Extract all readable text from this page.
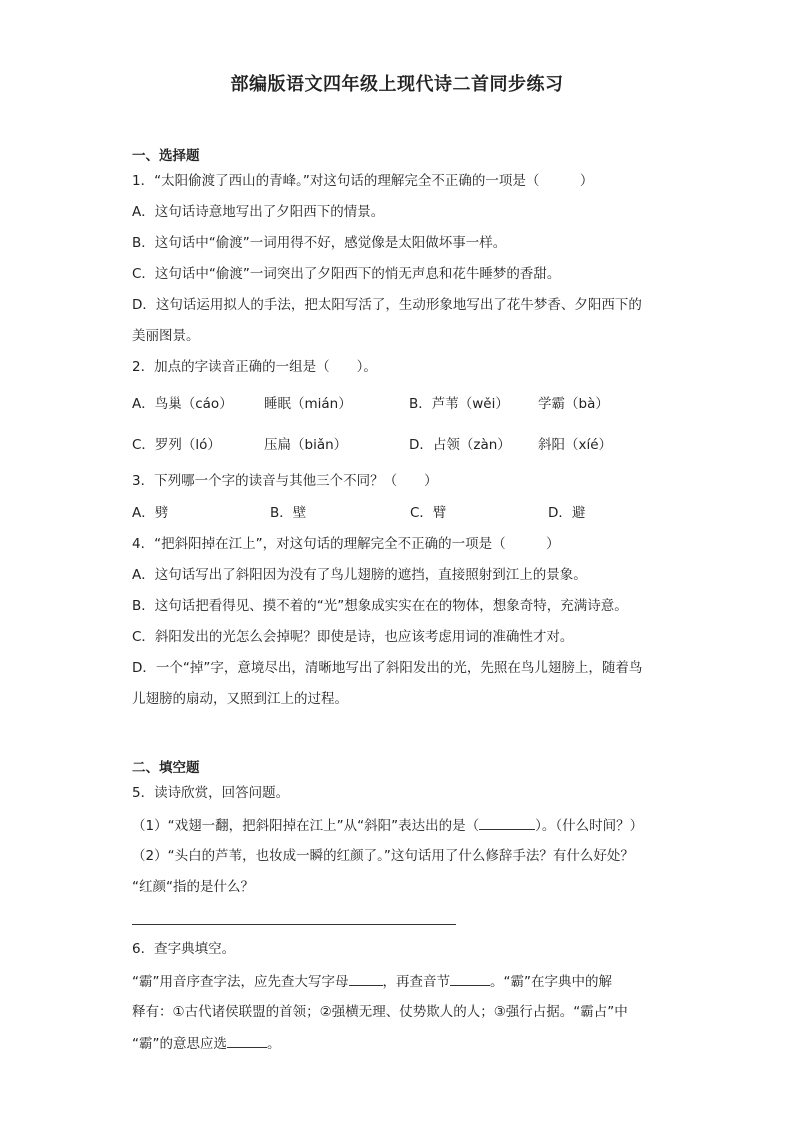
部编版语文四年级上现代诗二首同步练习
一、选择题
1．“太阳偷渡了西山的青峰。”对这句话的理解完全不正确的一项是（　　　）
A．这句话诗意地写出了夕阳西下的情景。
B．这句话中“偷渡”一词用得不好，感觉像是太阳做坏事一样。
C．这句话中“偷渡”一词突出了夕阳西下的悄无声息和花牛睡梦的香甜。
D．这句话运用拟人的手法，把太阳写活了，生动形象地写出了花牛梦香、夕阳西下的
美丽图景。
2．加点的字读音正确的一组是（　　）。
A．鸟巢（cáo） 睡眠（mián）	B．芦苇（wěi） 学霸（bà）
C．罗列（ló）	压扁（biǎn）	D．占领（zàn） 斜阳（xíé）
3．下列哪一个字的读音与其他三个不同？（　　）
A．劈	B．壁	C．臂	D．避
4．“把斜阳掉在江上”，对这句话的理解完全不正确的一项是（　　　）
A．这句话写出了斜阳因为没有了鸟儿翅膀的遮挡，直接照射到江上的景象。
B．这句话把看得见、摸不着的“光”想象成实实在在的物体，想象奇特，充满诗意。
C．斜阳发出的光怎么会掉呢？即使是诗，也应该考虑用词的准确性才对。
D．一个“掉”字，意境尽出，清晰地写出了斜阳发出的光，先照在鸟儿翅膀上，随着鸟
儿翅膀的扇动，又照到江上的过程。
二、填空题
5．读诗欣赏，回答问题。
（1）“戏翅一翻，把斜阳掉在江上”从“斜阳”表达出的是（	）。（什么时间？）
（2）“头白的芦苇，也妆成一瞬的红颜了。”这句话用了什么修辞手法？有什么好处？
“红颜“指的是什么？
6．查字典填空。
“霸”用音序查字法，应先查大写字母	，再查音节	。“霸”在字典中的解
释有：①古代诸侯联盟的首领；②强横无理、仗势欺人的人；③强行占据。“霸占”中
“霸”的意思应选	。
